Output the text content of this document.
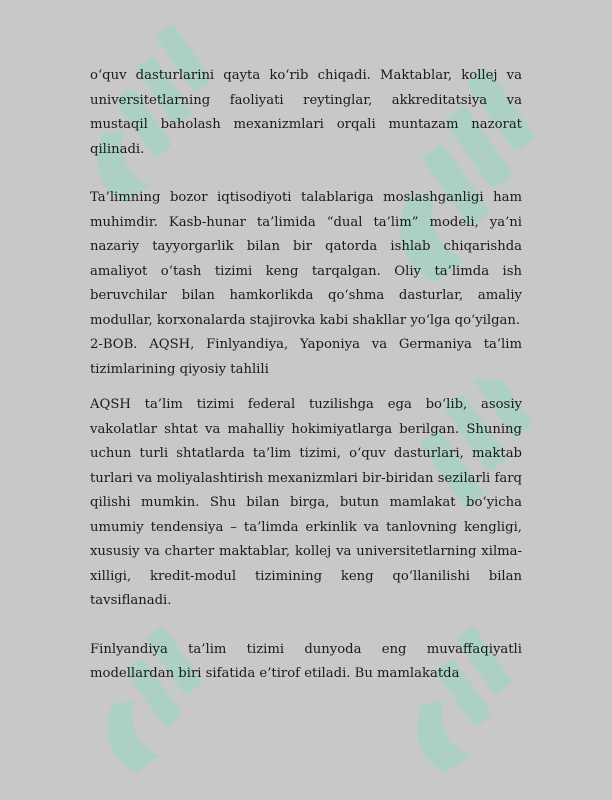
o‘quv dasturlarini qayta ko‘rib chiqadi. Maktablar, kollej va universitetlarning faoliyati reytinglar, akkreditatsiya va mustaqil baholash mexanizmlari orqali muntazam nazorat qilinadi.

Ta’limning bozor iqtisodiyoti talablariga moslashganligi ham muhimdir. Kasb-hunar ta’limida “dual ta’lim” modeli, ya’ni nazariy tayyorgarlik bilan bir qatorda ishlab chiqarishda amaliyot o‘tash tizimi keng tarqalgan. Oliy ta’limda ish beruvchilar bilan hamkorlikda qo‘shma dasturlar, amaliy modullar, korxonalarda stajirovka kabi shakllar yo‘lga qo‘yilgan.

2-BOB. AQSH, Finlyandiya, Yaponiya va Germaniya ta’lim tizimlarining qiyosiy tahlili

AQSH ta’lim tizimi federal tuzilishga ega bo‘lib, asosiy vakolatlar shtat va mahalliy hokimiyatlarga berilgan. Shuning uchun turli shtatlarda ta’lim tizimi, o‘quv dasturlari, maktab turlari va moliyalashtirish mexanizmlari bir-biridan sezilarli farq qilishi mumkin. Shu bilan birga, butun mamlakat bo‘yicha umumiy tendensiya – ta’limda erkinlik va tanlovning kengligi, xususiy va charter maktablar, kollej va universitetlarning xilma-xilligi, kredit-modul tizimining keng qo‘llanilishi bilan tavsiflanadi.

Finlyandiya ta’lim tizimi dunyoda eng muvaffaqiyatli modellardan biri sifatida e’tirof etiladi. Bu mamlakatda
